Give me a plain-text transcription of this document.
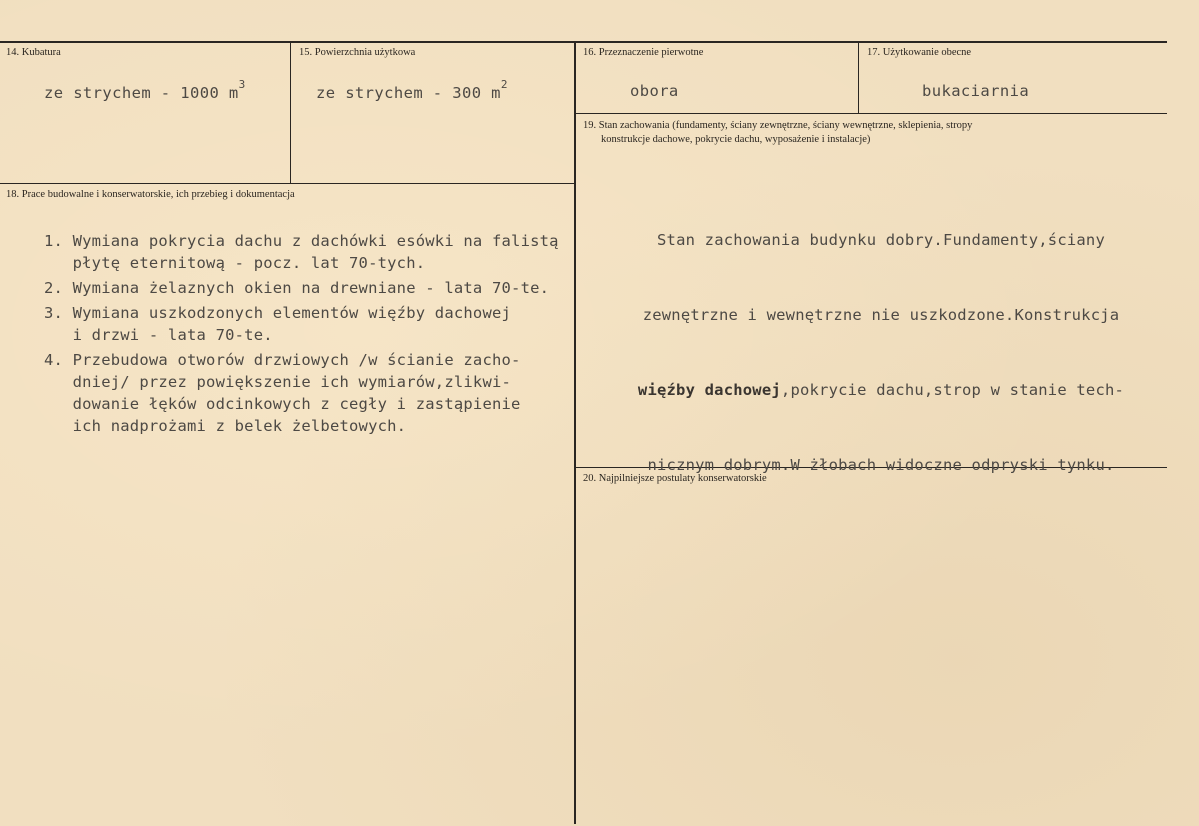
14. Kubatura
ze strychem - 1000 $m^3$
15. Powierzchnia użytkowa
ze strychem - 300 $m^2$
16. Przeznaczenie pierwotne
obora
17. Użytkowanie obecne
bukaciarnia
18. Prace budowalne i konserwatorskie, ich przebieg i dokumentacja
1. Wymiana pokrycia dachu z dachówki esówki na falistą
płytę eternitową - pocz. lat 70-tych.
2. Wymiana żelaznych okien na drewniane - lata 70-te.
3. Wymiana uszkodzonych elementów więźby dachowej
i drzwi - lata 70-te.
4. Przebudowa otworów drzwiowych /w ścianie zacho-
dniej/ przez powiększenie ich wymiarów,zlikwi-
dowanie łęków odcinkowych z cegły i zastąpienie
ich nadprożami z belek żelbetowych.
19. Stan zachowania (fundamenty, ściany zewnętrzne, ściany wewnętrzne, sklepienia, stropy
konstrukcje dachowe, pokrycie dachu, wyposażenie i instalacje)

Stan zachowania budynku dobry.Fundamenty,ściany

zewnętrzne i wewnętrzne nie uszkodzone.Konstrukcja

więźby dachowej,pokrycie dachu,strop w stanie tech-

nicznym dobrym.W żłobach widoczne odpryski tynku.

20. Najpilniejsze postulaty konserwatorskie
